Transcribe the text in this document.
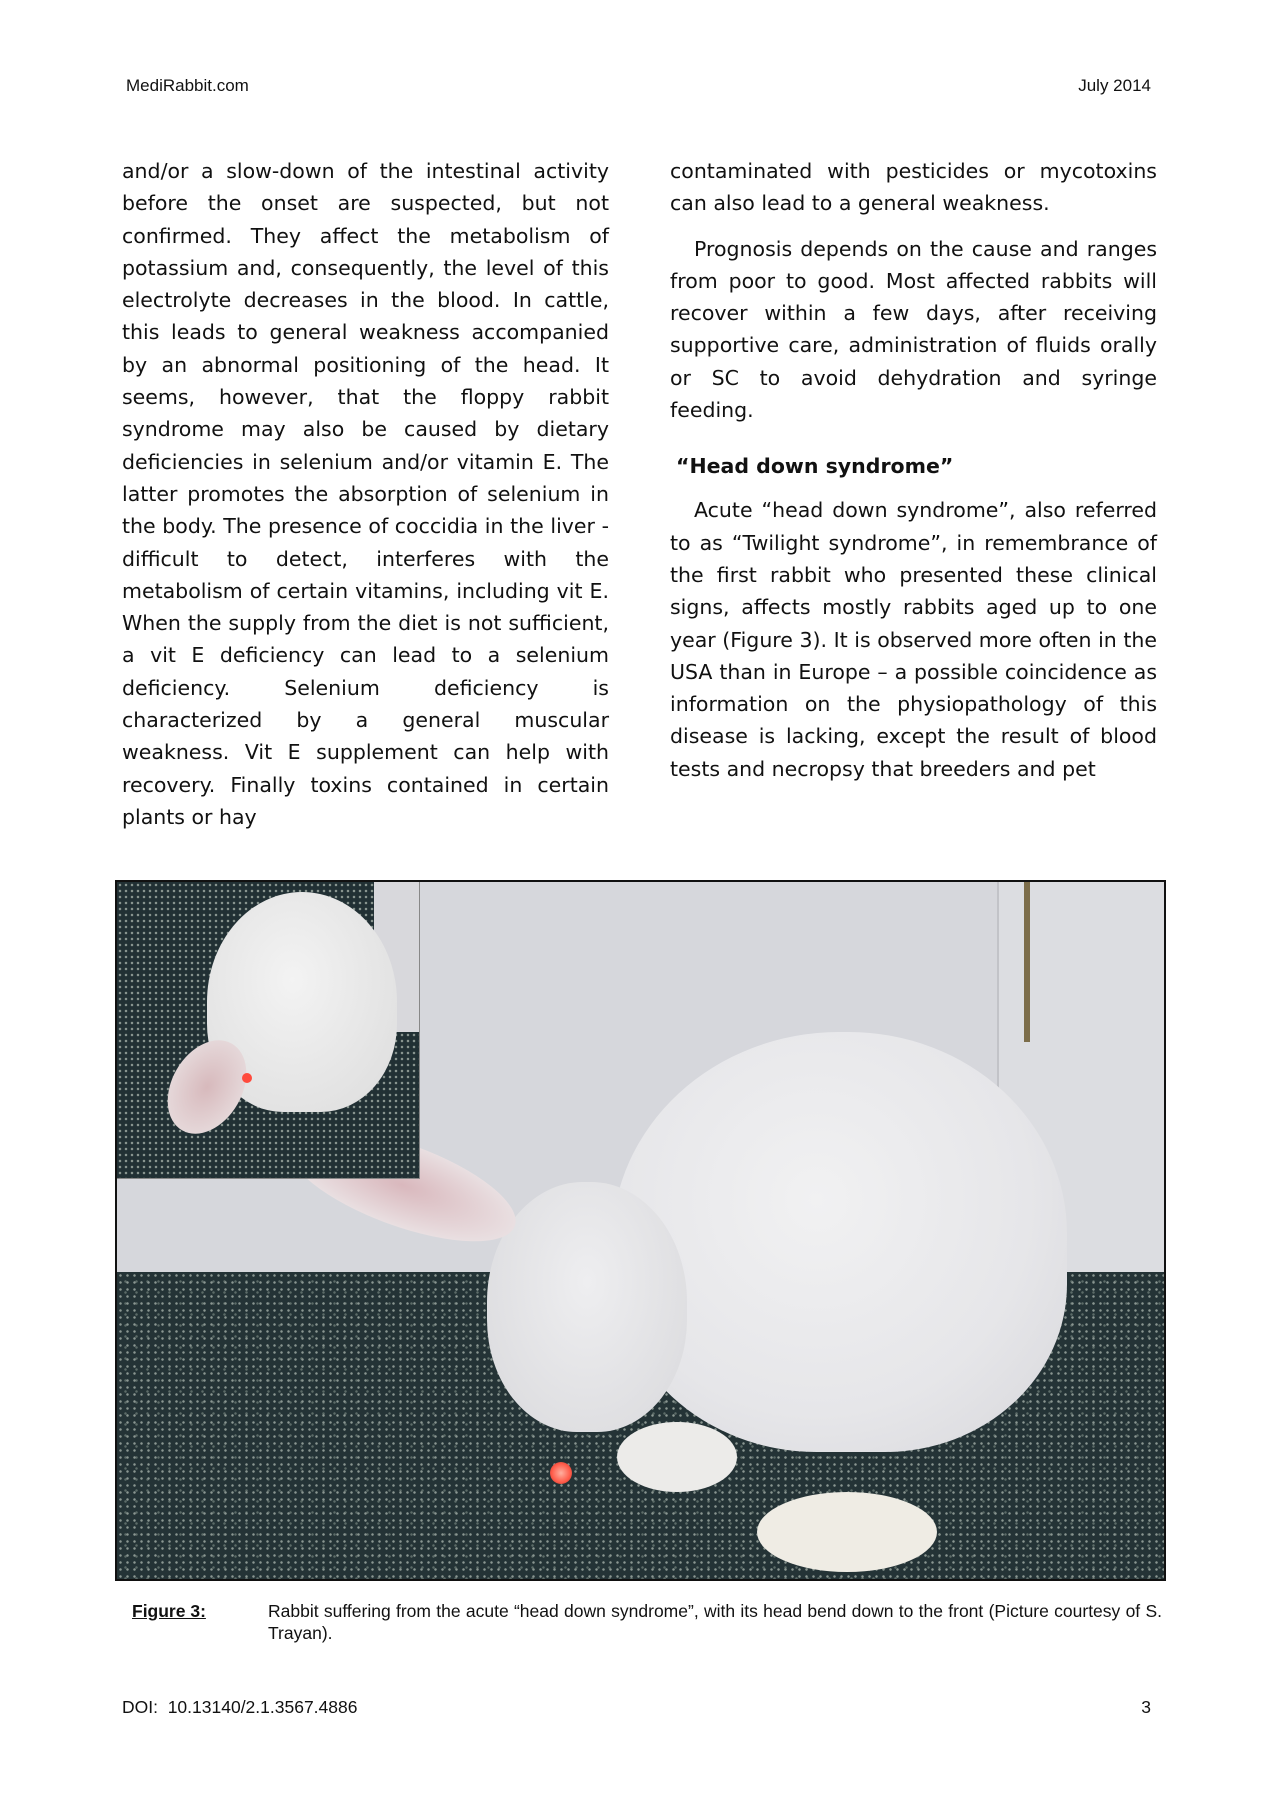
MediRabbit.com	July 2014

and/or a slow-down of the intestinal activity before the onset are suspected, but not confirmed. They affect the metabolism of potassium and, consequently, the level of this electrolyte decreases in the blood. In cattle, this leads to general weakness accompanied by an abnormal positioning of the head. It seems, however, that the floppy rabbit syndrome may also be caused by dietary deficiencies in selenium and/or vitamin E. The latter promotes the absorption of selenium in the body. The presence of coccidia in the liver - difficult to detect, interferes with the metabolism of certain vitamins, including vit E. When the supply from the diet is not sufficient, a vit E deficiency can lead to a selenium deficiency. Selenium deficiency is characterized by a general muscular weakness. Vit E supplement can help with recovery. Finally toxins contained in certain plants or hay

contaminated with pesticides or mycotoxins can also lead to a general weakness.

Prognosis depends on the cause and ranges from poor to good. Most affected rabbits will recover within a few days, after receiving supportive care, administration of fluids orally or SC to avoid dehydration and syringe feeding.

“Head down syndrome”

Acute “head down syndrome”, also referred to as “Twilight syndrome”, in remembrance of the first rabbit who presented these clinical signs, affects mostly rabbits aged up to one year (Figure 3). It is observed more often in the USA than in Europe – a possible coincidence as information on the physiopathology of this disease is lacking, except the result of blood tests and necropsy that breeders and pet

Figure 3:	Rabbit suffering from the acute “head down syndrome”, with its head bend down to the front (Picture courtesy of S. Trayan).
DOI:  10.13140/2.1.3567.4886	3
